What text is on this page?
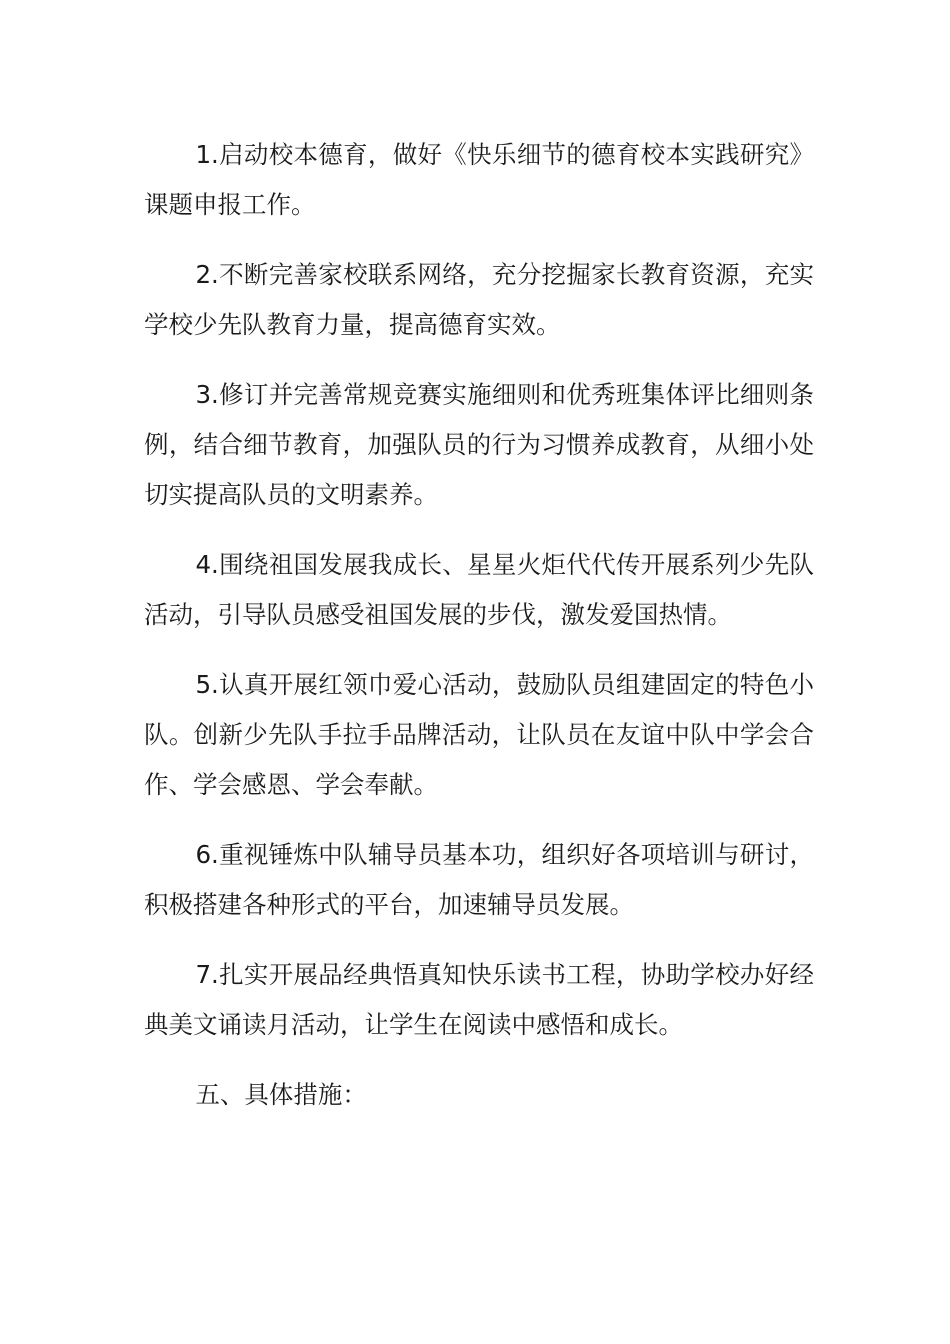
1.启动校本德育，做好《快乐细节的德育校本实践研究》课题申报工作。

2.不断完善家校联系网络，充分挖掘家长教育资源，充实学校少先队教育力量，提高德育实效。

3.修订并完善常规竞赛实施细则和优秀班集体评比细则条例，结合细节教育，加强队员的行为习惯养成教育，从细小处切实提高队员的文明素养。

4.围绕祖国发展我成长、星星火炬代代传开展系列少先队活动，引导队员感受祖国发展的步伐，激发爱国热情。

5.认真开展红领巾爱心活动，鼓励队员组建固定的特色小队。创新少先队手拉手品牌活动，让队员在友谊中队中学会合作、学会感恩、学会奉献。

6.重视锤炼中队辅导员基本功，组织好各项培训与研讨，积极搭建各种形式的平台，加速辅导员发展。

7.扎实开展品经典悟真知快乐读书工程，协助学校办好经典美文诵读月活动，让学生在阅读中感悟和成长。

五、具体措施：
